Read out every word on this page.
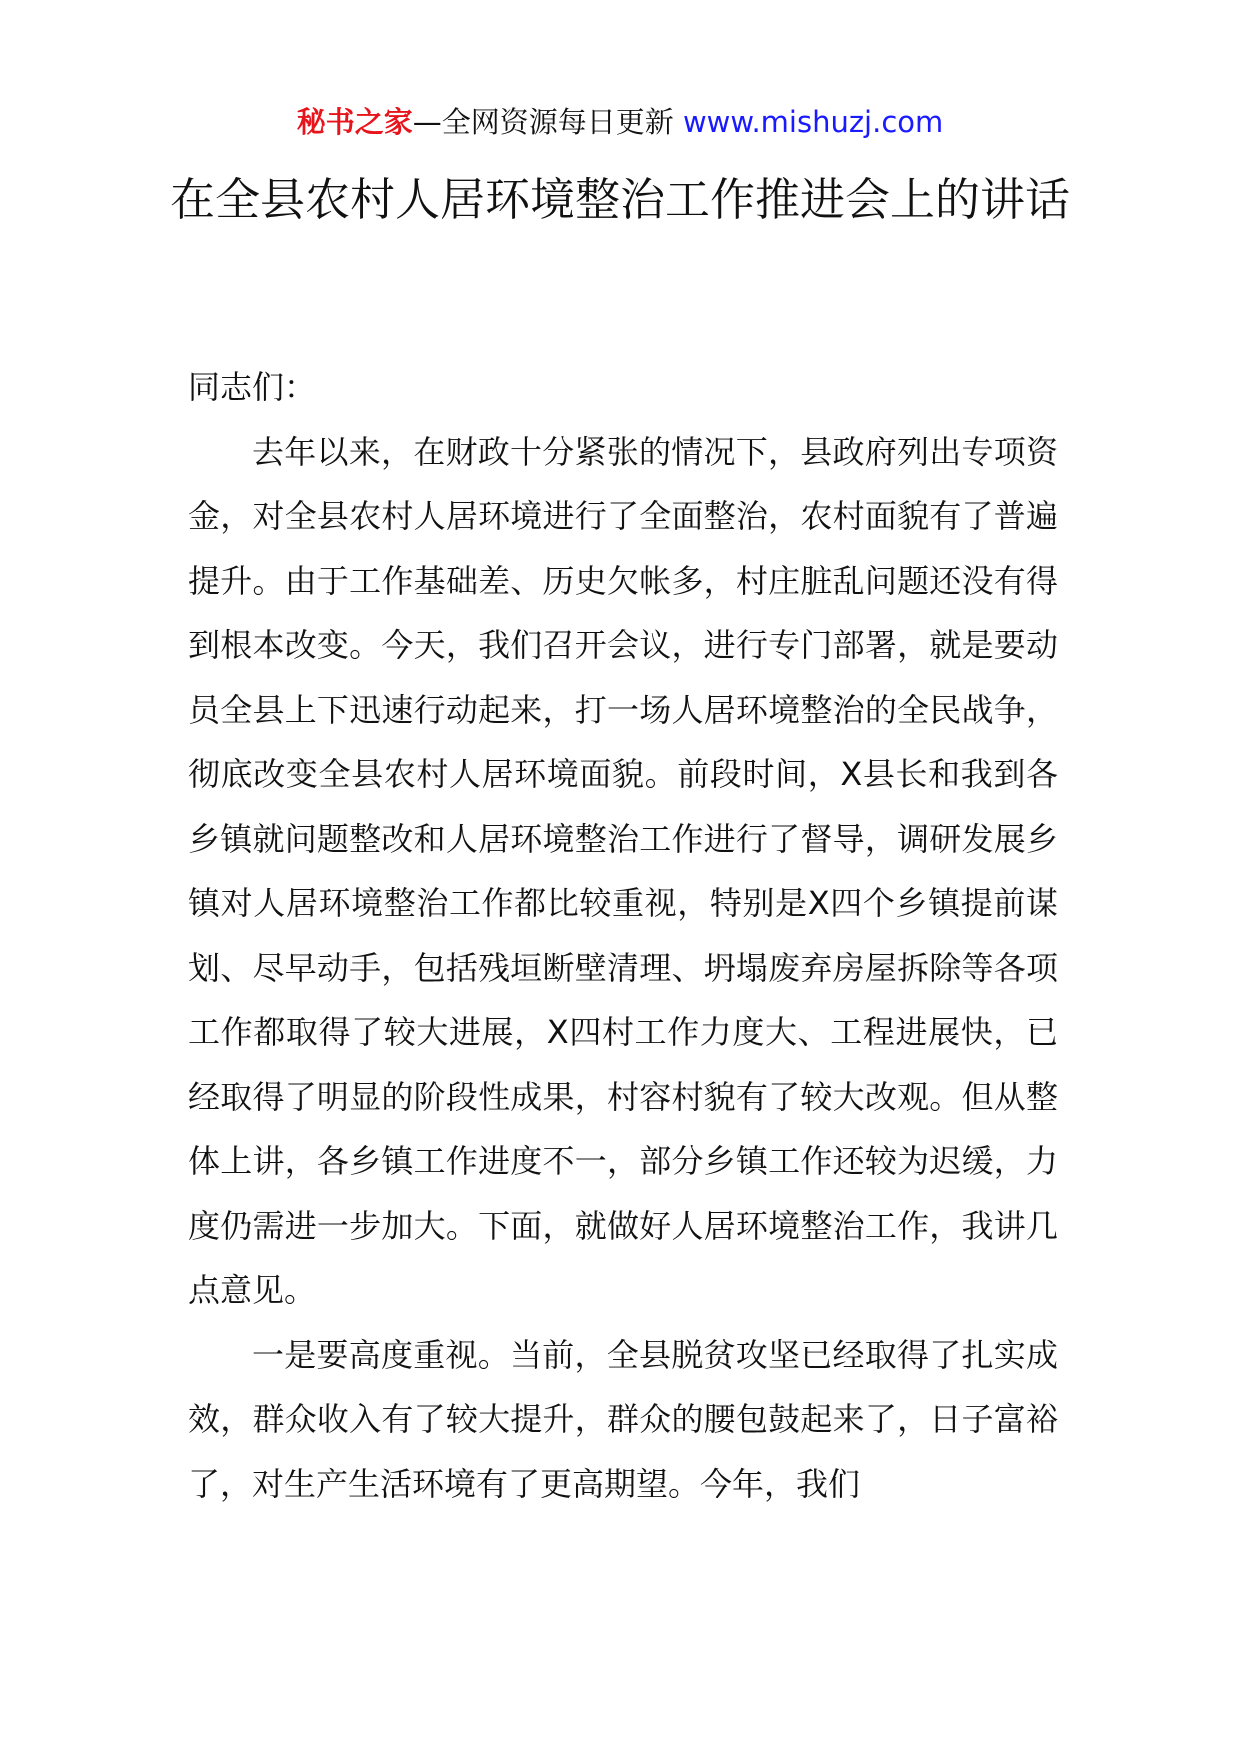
秘书之家—全网资源每日更新 www.mishuzj.com
在全县农村人居环境整治工作推进会上的讲话

同志们：

去年以来，在财政十分紧张的情况下，县政府列出专项资金，对全县农村人居环境进行了全面整治，农村面貌有了普遍提升。由于工作基础差、历史欠帐多，村庄脏乱问题还没有得到根本改变。今天，我们召开会议，进行专门部署，就是要动员全县上下迅速行动起来，打一场人居环境整治的全民战争，彻底改变全县农村人居环境面貌。前段时间，X县长和我到各乡镇就问题整改和人居环境整治工作进行了督导，调研发展乡镇对人居环境整治工作都比较重视，特别是X四个乡镇提前谋划、尽早动手，包括残垣断壁清理、坍塌废弃房屋拆除等各项工作都取得了较大进展，X四村工作力度大、工程进展快，已经取得了明显的阶段性成果，村容村貌有了较大改观。但从整体上讲，各乡镇工作进度不一，部分乡镇工作还较为迟缓，力度仍需进一步加大。下面，就做好人居环境整治工作，我讲几点意见。

一是要高度重视。当前，全县脱贫攻坚已经取得了扎实成效，群众收入有了较大提升，群众的腰包鼓起来了，日子富裕了，对生产生活环境有了更高期望。今年，我们
